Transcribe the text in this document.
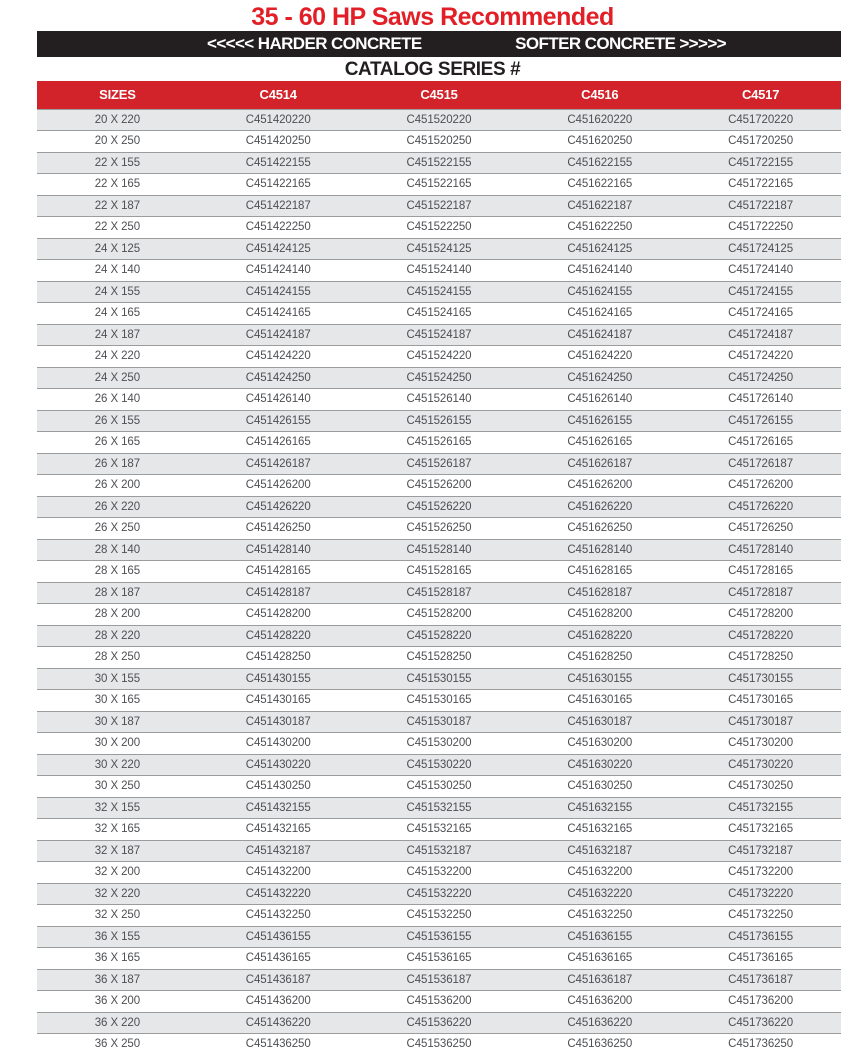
35 - 60 HP Saws Recommended
<<<<< HARDER CONCRETE	SOFTER CONCRETE >>>>>
CATALOG SERIES #
SIZES	C4514	C4515	C4516	C4517
20 X 220	C451420220	C451520220	C451620220	C451720220
20 X 250	C451420250	C451520250	C451620250	C451720250
22 X 155	C451422155	C451522155	C451622155	C451722155
22 X 165	C451422165	C451522165	C451622165	C451722165
22 X 187	C451422187	C451522187	C451622187	C451722187
22 X 250	C451422250	C451522250	C451622250	C451722250
24 X 125	C451424125	C451524125	C451624125	C451724125
24 X 140	C451424140	C451524140	C451624140	C451724140
24 X 155	C451424155	C451524155	C451624155	C451724155
24 X 165	C451424165	C451524165	C451624165	C451724165
24 X 187	C451424187	C451524187	C451624187	C451724187
24 X 220	C451424220	C451524220	C451624220	C451724220
24 X 250	C451424250	C451524250	C451624250	C451724250
26 X 140	C451426140	C451526140	C451626140	C451726140
26 X 155	C451426155	C451526155	C451626155	C451726155
26 X 165	C451426165	C451526165	C451626165	C451726165
26 X 187	C451426187	C451526187	C451626187	C451726187
26 X 200	C451426200	C451526200	C451626200	C451726200
26 X 220	C451426220	C451526220	C451626220	C451726220
26 X 250	C451426250	C451526250	C451626250	C451726250
28 X 140	C451428140	C451528140	C451628140	C451728140
28 X 165	C451428165	C451528165	C451628165	C451728165
28 X 187	C451428187	C451528187	C451628187	C451728187
28 X 200	C451428200	C451528200	C451628200	C451728200
28 X 220	C451428220	C451528220	C451628220	C451728220
28 X 250	C451428250	C451528250	C451628250	C451728250
30 X 155	C451430155	C451530155	C451630155	C451730155
30 X 165	C451430165	C451530165	C451630165	C451730165
30 X 187	C451430187	C451530187	C451630187	C451730187
30 X 200	C451430200	C451530200	C451630200	C451730200
30 X 220	C451430220	C451530220	C451630220	C451730220
30 X 250	C451430250	C451530250	C451630250	C451730250
32 X 155	C451432155	C451532155	C451632155	C451732155
32 X 165	C451432165	C451532165	C451632165	C451732165
32 X 187	C451432187	C451532187	C451632187	C451732187
32 X 200	C451432200	C451532200	C451632200	C451732200
32 X 220	C451432220	C451532220	C451632220	C451732220
32 X 250	C451432250	C451532250	C451632250	C451732250
36 X 155	C451436155	C451536155	C451636155	C451736155
36 X 165	C451436165	C451536165	C451636165	C451736165
36 X 187	C451436187	C451536187	C451636187	C451736187
36 X 200	C451436200	C451536200	C451636200	C451736200
36 X 220	C451436220	C451536220	C451636220	C451736220
36 X 250	C451436250	C451536250	C451636250	C451736250
